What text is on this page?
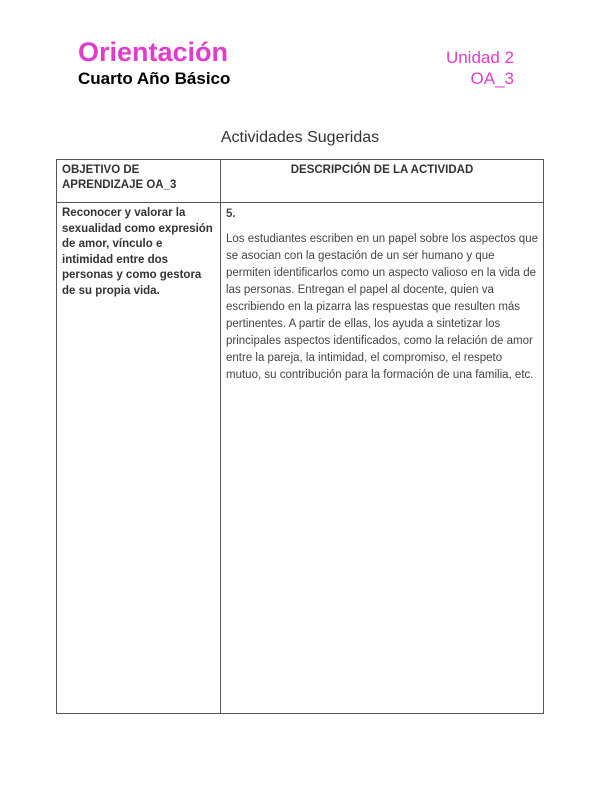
Orientación
Cuarto Año Básico
Unidad 2
OA_3
Actividades Sugeridas
OBJETIVO DE APRENDIZAJE OA_3	DESCRIPCIÓN DE LA ACTIVIDAD
Reconocer y valorar la sexualidad como expresión de amor, vínculo e intimidad entre dos personas y como gestora de su propia vida.	5.
Los estudiantes escriben en un papel sobre los aspectos que se asocian con la gestación de un ser humano y que permiten identificarlos como un aspecto valioso en la vida de las personas. Entregan el papel al docente, quien va escribiendo en la pizarra las respuestas que resulten más pertinentes. A partir de ellas, los ayuda a sintetizar los principales aspectos identificados, como la relación de amor entre la pareja, la intimidad, el compromiso, el respeto mutuo, su contribución para la formación de una familia, etc.
